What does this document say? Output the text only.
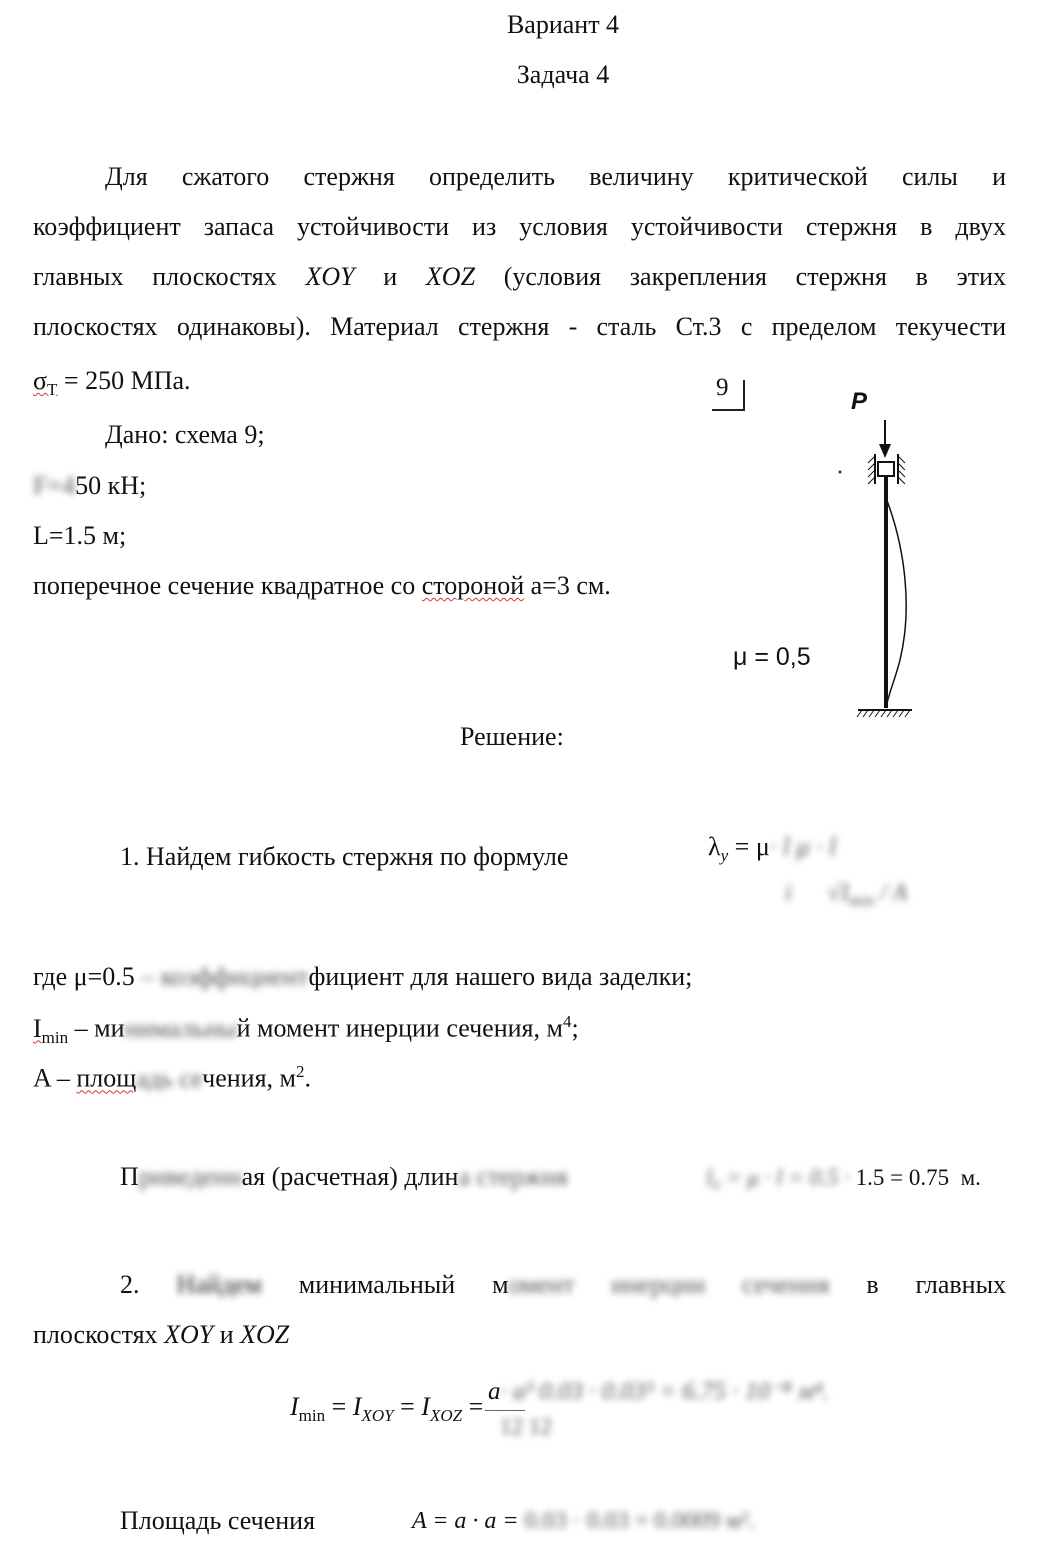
Вариант 4
Задача 4
Для сжатого стержня определить величину критической силы и
коэффициент запаса устойчивости из условия устойчивости стержня в двух
главных плоскостях XOY и XOZ (условия закрепления стержня в этих
плоскостях одинаковы). Материал стержня - сталь Ст.3 с пределом текучести
$\sigma_Т = 250$ МПа.
Дано: схема 9;
F=450 кН;
L=1.5 м;
поперечное сечение квадратное со стороной a=3 см.
9
P
μ = 0,5
Решение:
1. Найдем гибкость стержня по формуле	$\lambda_y = \mu\cdot l$ μ · l
i      $√I_{min}$ / A
где μ=0.5 – коэффициентфициент для нашего вида заделки;
$I_{min}$ – минимальный момент инерции сечения, $м^4$;
A – площадь сечения, $м^2$.
Приведенная (расчетная) длина стержня	l₀ = μ · l = 0.5 · 1.5 = 0.75 м.
2. Найдем минимальный момент инерции сечения в главных
плоскостях XOY и XOZ
$I_{min} = I_{XOY} = I_{XOZ}$ =
a· a³ 0.03 · 0.03³ = 6.75 · 10⁻⁸ м⁴.
12 12
Площадь сечения	A = a · a = 0.03 · 0.03 = 0.0009 м².
